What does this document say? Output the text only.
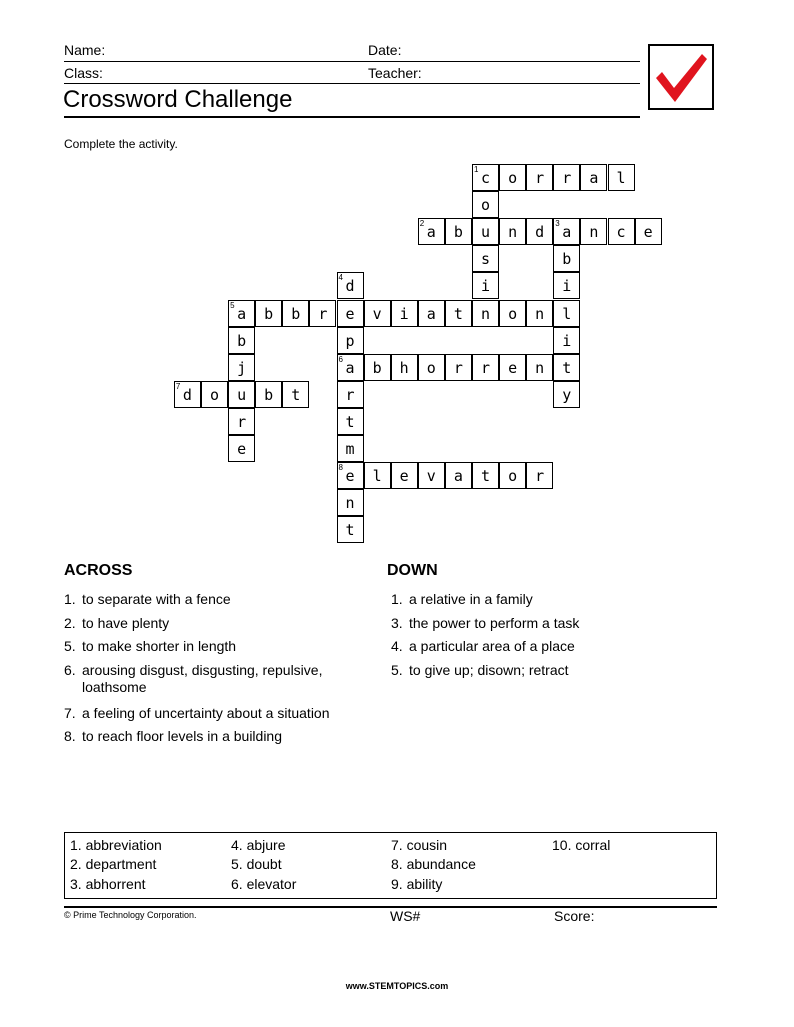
Name:	Date:
Class:	Teacher:
Crossword Challenge
Complete the activity.
1 c	o	r	r	a	l
o
u
s
i
n
2 a	b	n	d	3 a	n	c	e
b
i
l
i
t
y
4 d
e
p
6 a
r
t
m
8 e
n
t
5 a	b	b	r	v	i	a	t	o	n
b
j
u
r
e
b	h	o	r	r	e	n
7 d	o	b	t
l	e	v	a	t	o	r
ACROSS
1. to separate with a fence
2. to have plenty
5. to make shorter in length
6. arousing disgust, disgusting, repulsive,
loathsome
7. a feeling of uncertainty about a situation
8. to reach floor levels in a building
DOWN
1. a relative in a family
3. the power to perform a task
4. a particular area of a place
5. to give up; disown; retract
1. abbreviation
2. department
3. abhorrent
4. abjure
5. doubt
6. elevator
7. cousin
8. abundance
9. ability
10. corral
© Prime Technology Corporation.	WS#	Score:
www.STEMTOPICS.com
